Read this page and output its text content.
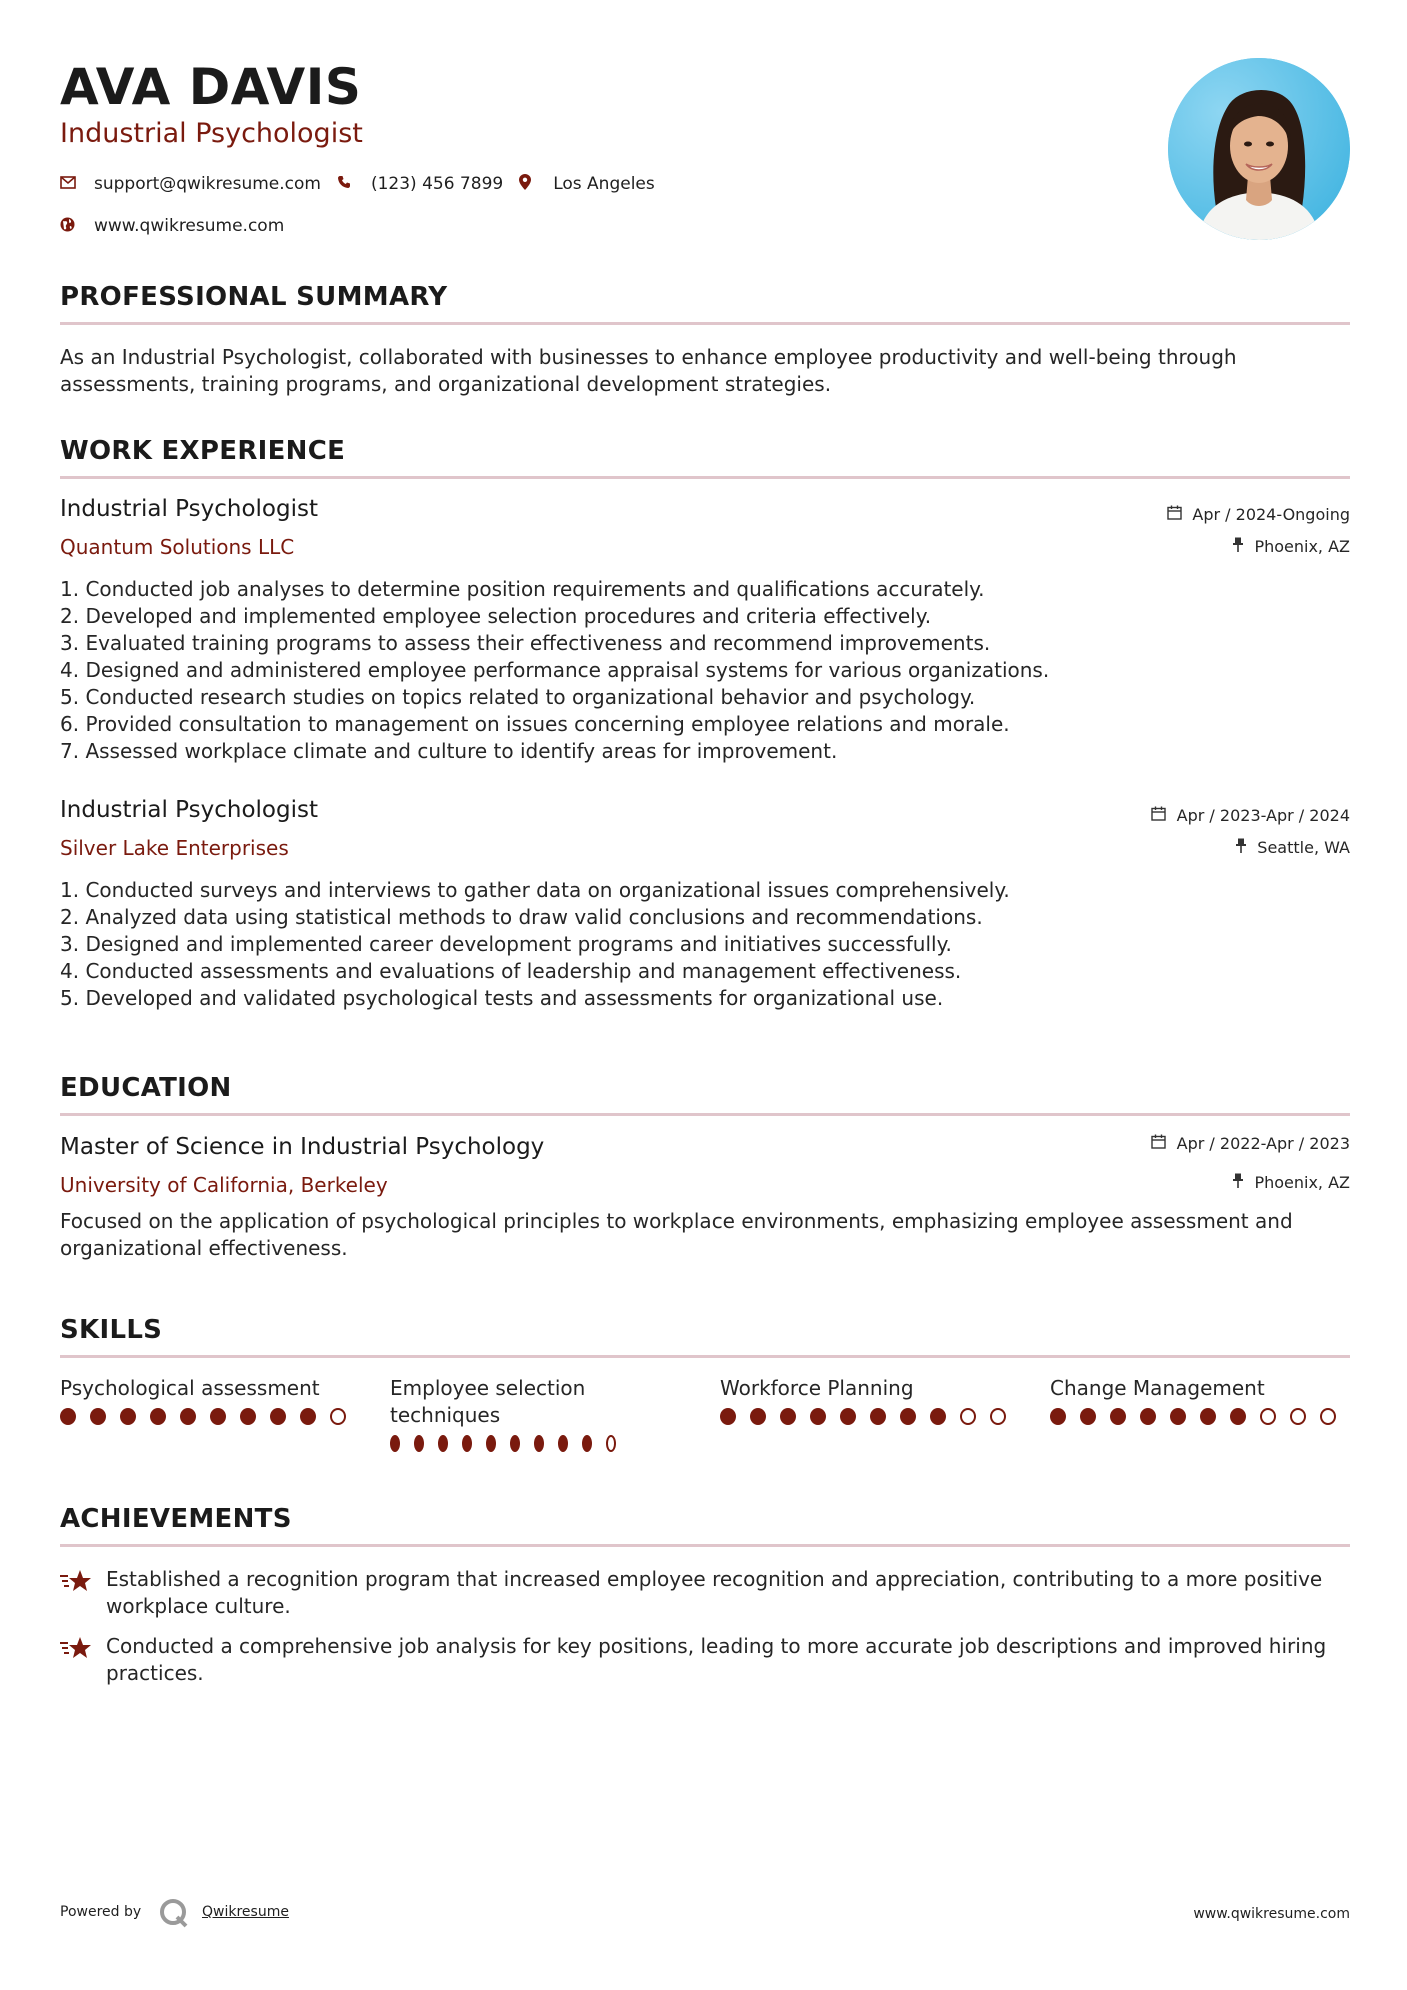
AVA DAVIS
Industrial Psychologist
support@qwikresume.com	(123) 456 7899	Los Angeles
www.qwikresume.com
PROFESSIONAL SUMMARY
As an Industrial Psychologist, collaborated with businesses to enhance employee productivity and well-being through assessments, training programs, and organizational development strategies.
WORK EXPERIENCE
Industrial Psychologist
Quantum Solutions LLC
Apr / 2024-Ongoing
Phoenix, AZ
1. Conducted job analyses to determine position requirements and qualifications accurately.
2. Developed and implemented employee selection procedures and criteria effectively.
3. Evaluated training programs to assess their effectiveness and recommend improvements.
4. Designed and administered employee performance appraisal systems for various organizations.
5. Conducted research studies on topics related to organizational behavior and psychology.
6. Provided consultation to management on issues concerning employee relations and morale.
7. Assessed workplace climate and culture to identify areas for improvement.
Industrial Psychologist
Silver Lake Enterprises
Apr / 2023-Apr / 2024
Seattle, WA
1. Conducted surveys and interviews to gather data on organizational issues comprehensively.
2. Analyzed data using statistical methods to draw valid conclusions and recommendations.
3. Designed and implemented career development programs and initiatives successfully.
4. Conducted assessments and evaluations of leadership and management effectiveness.
5. Developed and validated psychological tests and assessments for organizational use.
EDUCATION
Master of Science in Industrial Psychology
University of California, Berkeley
Apr / 2022-Apr / 2023
Phoenix, AZ
Focused on the application of psychological principles to workplace environments, emphasizing employee assessment and organizational effectiveness.
SKILLS
Psychological assessment	Employee selection techniques
Workforce Planning	Change Management
ACHIEVEMENTS
Established a recognition program that increased employee recognition and appreciation, contributing to a more positive workplace culture.
Conducted a comprehensive job analysis for key positions, leading to more accurate job descriptions and improved hiring practices.
Powered by	Qwikresume	www.qwikresume.com
